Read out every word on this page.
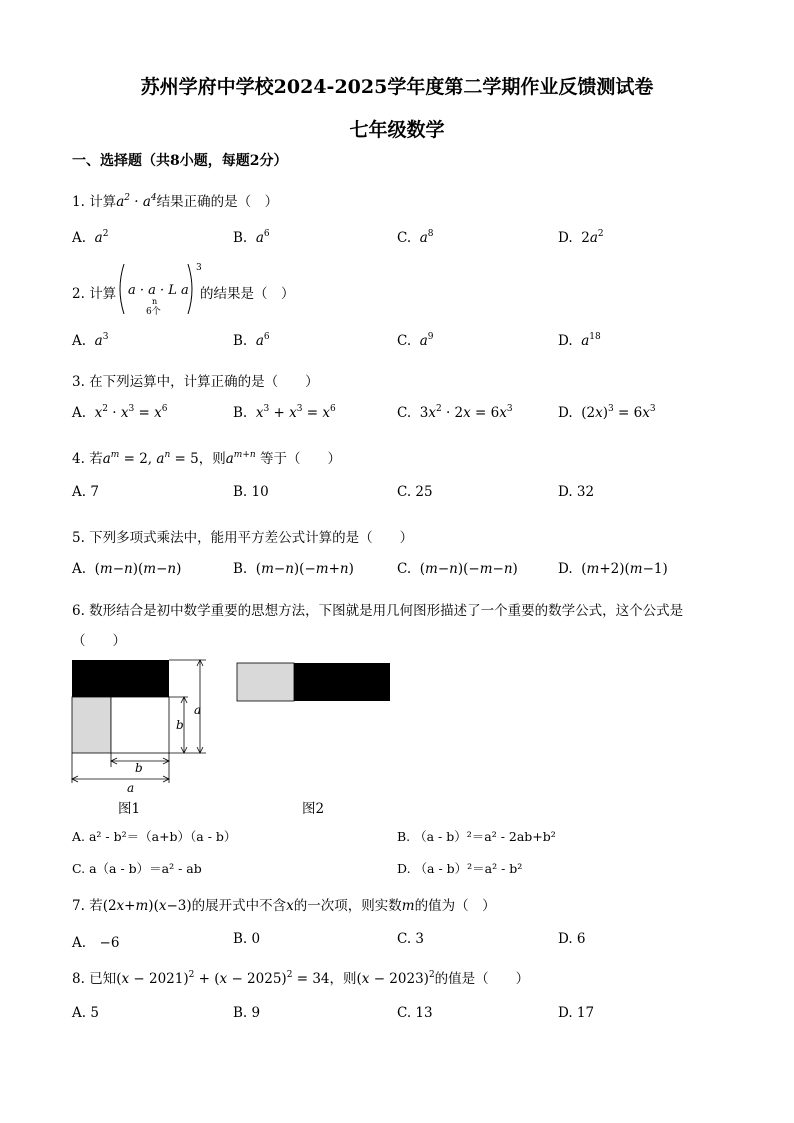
苏州学府中学校2024-2025学年度第二学期作业反馈测试卷
七年级数学
一、选择题（共8小题，每题2分）
1. 计算$a^2 \cdot a^4$结果正确的是（　）
A. $a^2$	B. $a^6$	C. $a^8$	D.  $2a^2$
2. 计算 a · a · L a
3
n
6个
的结果是（　）
A. $a^3$	B. $a^6$	C. $a^9$	D. $a^{18}$
3. 在下列运算中，计算正确的是（　　）
A. $x^2 \cdot x^3 = x^6$	B. $x^3 + x^3 = x^6$	C.  $3x^2 \cdot 2x = 6x^3$	D.  $(2x)^3 = 6x^3$
4. 若$a^m = 2$, $a^n = 5$，则$a^{m+n}$ 等于（　　）
A. 7	B. 10	C. 25	D. 32
5. 下列多项式乘法中，能用平方差公式计算的是（　　）
A.  (m−n)(m−n)	B.  (m−n)(−m+n)	C.  (m−n)(−m−n)	D.  (m+2)(m−1)
6. 数形结合是初中数学重要的思想方法，下图就是用几何图形描述了一个重要的数学公式，这个公式是
（　　）
a
b
b
a
图1	图2
A. a² - b²＝（a+b）（a - b）	B. （a - b）²＝a² - 2ab+b²
C. a（a - b）＝a² - ab	D. （a - b）²＝a² - b²
7. 若(2x+m)(x−3)的展开式中不含x的一次项，则实数m的值为（　）
A.　−6	B. 0	C. 3	D. 6
8. 已知$(x - 2021)^2 + (x - 2025)^2 = 34$，则$(x - 2023)^2$的值是（　　）
A. 5	B. 9	C. 13	D. 17
